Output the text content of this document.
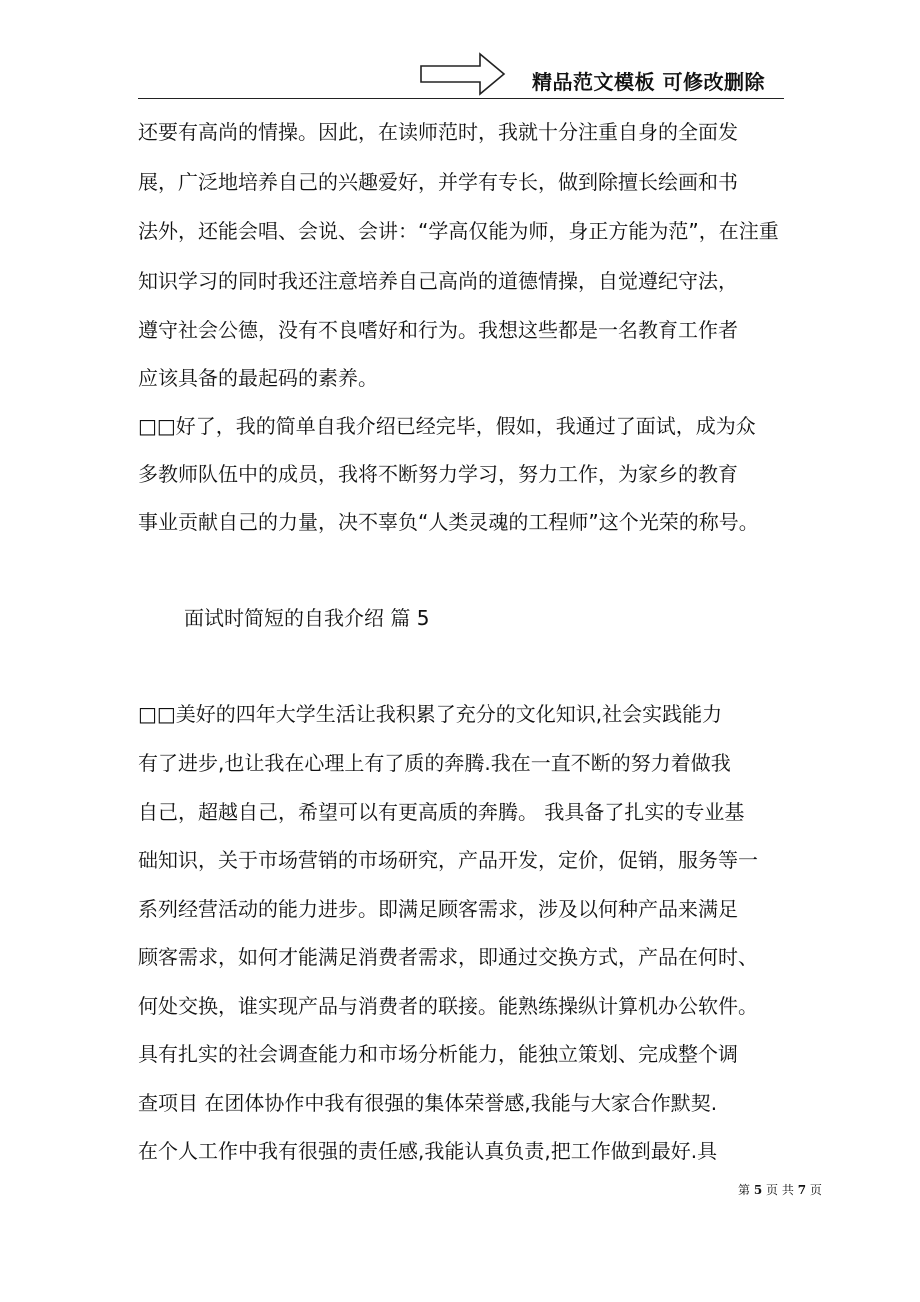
精品范文模板 可修改删除
还要有高尚的情操。因此，在读师范时，我就十分注重自身的全面发
展，广泛地培养自己的兴趣爱好，并学有专长，做到除擅长绘画和书
法外，还能会唱、会说、会讲：“学高仅能为师，身正方能为范”，在注重
知识学习的同时我还注意培养自己高尚的道德情操，自觉遵纪守法，
遵守社会公德，没有不良嗜好和行为。我想这些都是一名教育工作者
应该具备的最起码的素养。
□□好了，我的简单自我介绍已经完毕，假如，我通过了面试，成为众
多教师队伍中的成员，我将不断努力学习，努力工作，为家乡的教育
事业贡献自己的力量，决不辜负“人类灵魂的工程师”这个光荣的称号。
面试时简短的自我介绍 篇 5
□□美好的四年大学生活让我积累了充分的文化知识,社会实践能力
有了进步,也让我在心理上有了质的奔腾.我在一直不断的努力着做我
自己，超越自己，希望可以有更高质的奔腾。 我具备了扎实的专业基
础知识，关于市场营销的市场研究，产品开发，定价，促销，服务等一
系列经营活动的能力进步。即满足顾客需求，涉及以何种产品来满足
顾客需求，如何才能满足消费者需求，即通过交换方式，产品在何时、
何处交换，谁实现产品与消费者的联接。能熟练操纵计算机办公软件。
具有扎实的社会调查能力和市场分析能力，能独立策划、完成整个调
查项目 在团体协作中我有很强的集体荣誉感,我能与大家合作默契.
在个人工作中我有很强的责任感,我能认真负责,把工作做到最好.具
第 5 页 共 7 页
